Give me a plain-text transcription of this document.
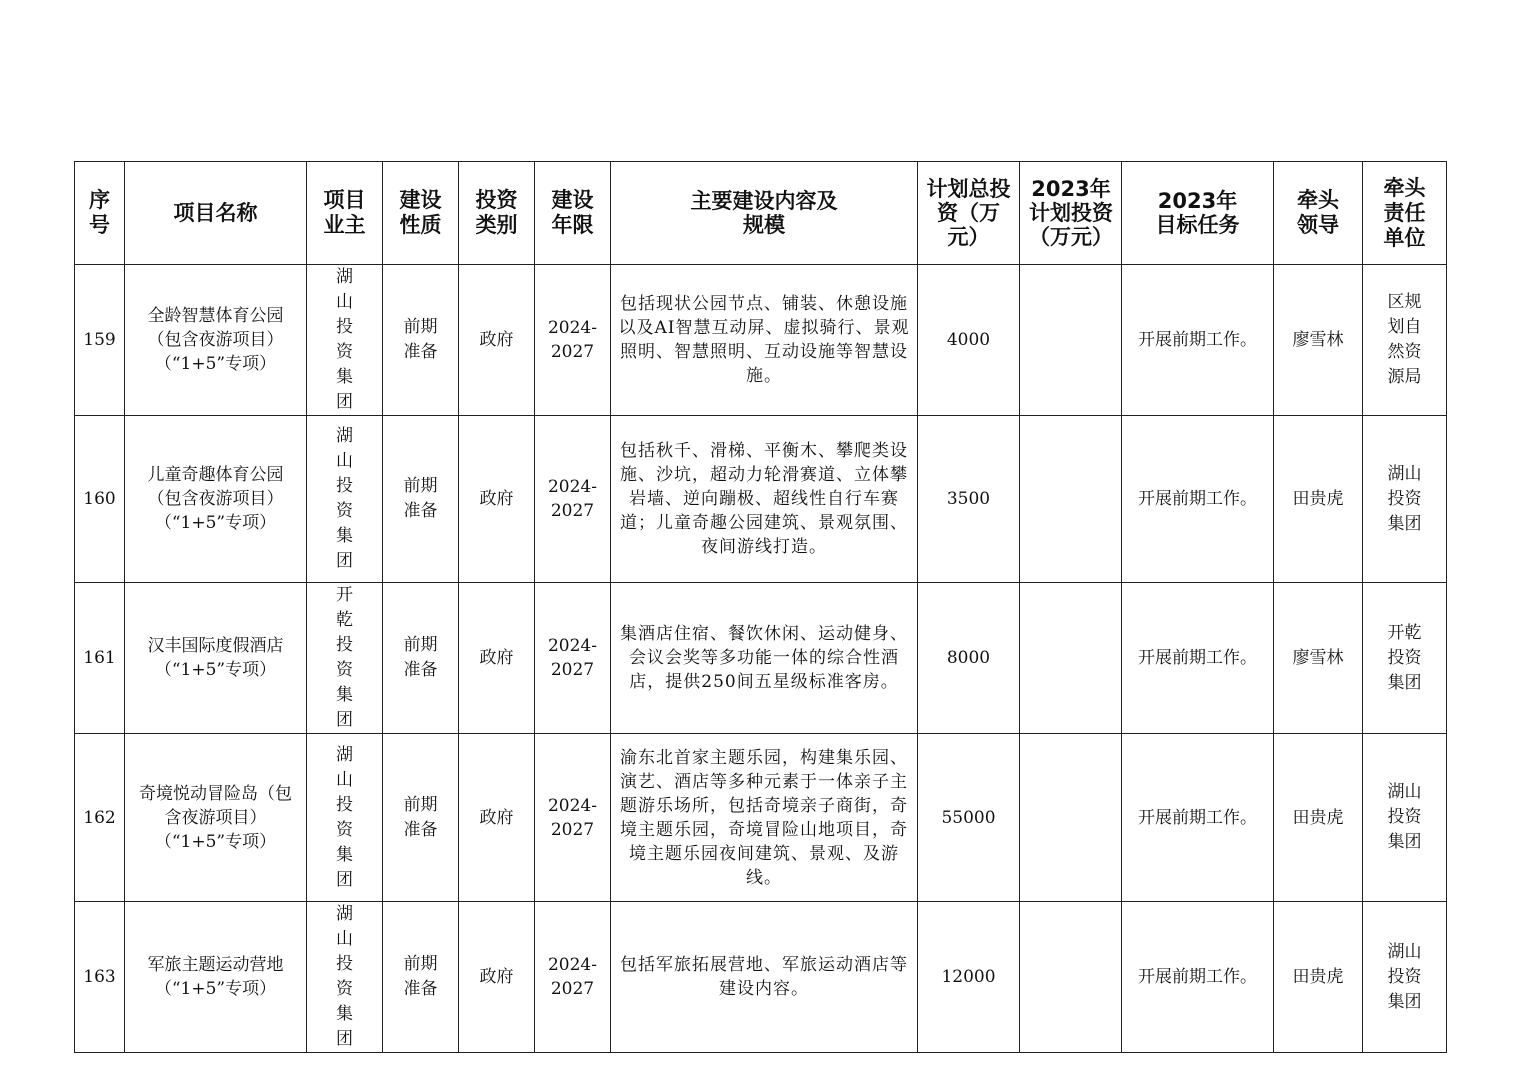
序号	项目名称	项目业主	建设性质	投资类别	建设年限	主要建设内容及规模	计划总投资（万元）	2023年计划投资（万元）	2023年目标任务	牵头领导	牵头责任单位
159	全龄智慧体育公园（包含夜游项目）（“1+5”专项）	湖山投资集团	前期准备	政府	2024-2027	包括现状公园节点、铺装、休憩设施以及AI智慧互动屏、虚拟骑行、景观照明、智慧照明、互动设施等智慧设施。	4000		开展前期工作。	廖雪林	区规划自然资源局
160	儿童奇趣体育公园（包含夜游项目）（“1+5”专项）	湖山投资集团	前期准备	政府	2024-2027	包括秋千、滑梯、平衡木、攀爬类设施、沙坑，超动力轮滑赛道、立体攀岩墙、逆向蹦极、超线性自行车赛道；儿童奇趣公园建筑、景观氛围、夜间游线打造。	3500		开展前期工作。	田贵虎	湖山投资集团
161	汉丰国际度假酒店（“1+5”专项）	开乾投资集团	前期准备	政府	2024-2027	集酒店住宿、餐饮休闲、运动健身、会议会奖等多功能一体的综合性酒店，提供250间五星级标准客房。	8000		开展前期工作。	廖雪林	开乾投资集团
162	奇境悦动冒险岛（包含夜游项目）（“1+5”专项）	湖山投资集团	前期准备	政府	2024-2027	渝东北首家主题乐园，构建集乐园、演艺、酒店等多种元素于一体亲子主题游乐场所，包括奇境亲子商街，奇境主题乐园，奇境冒险山地项目，奇境主题乐园夜间建筑、景观、及游线。	55000		开展前期工作。	田贵虎	湖山投资集团
163	军旅主题运动营地（“1+5”专项）	湖山投资集团	前期准备	政府	2024-2027	包括军旅拓展营地、军旅运动酒店等建设内容。	12000		开展前期工作。	田贵虎	湖山投资集团
